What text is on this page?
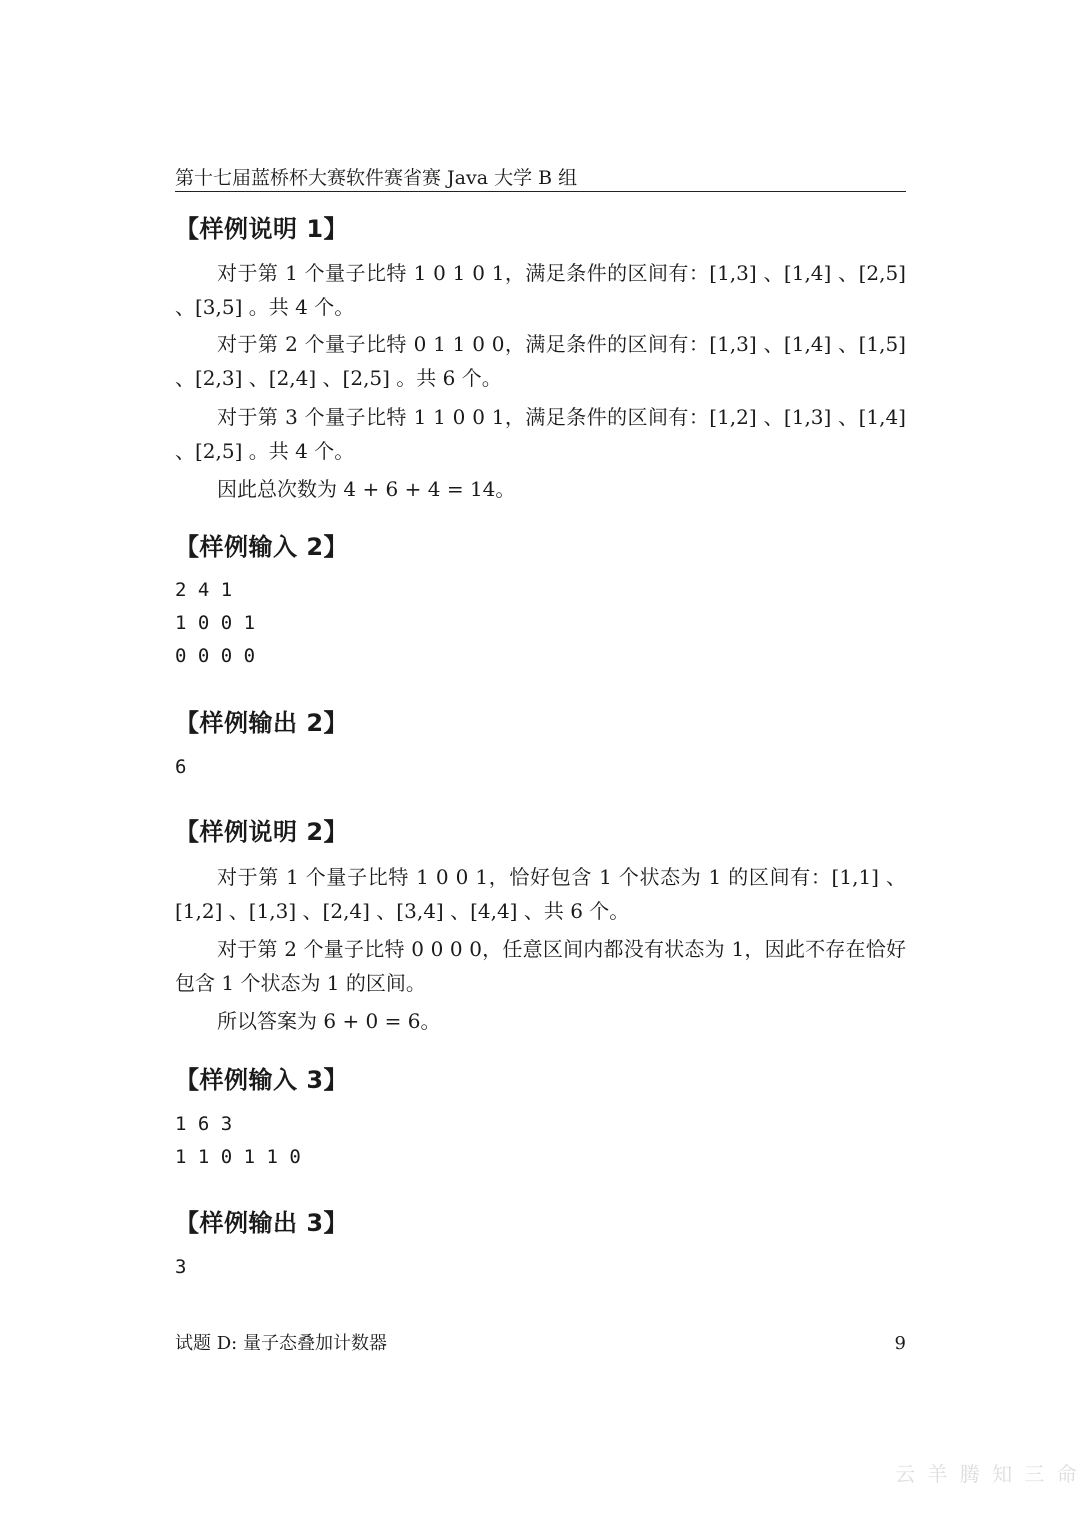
第十七届蓝桥杯大赛软件赛省赛 Java 大学 B 组
【样例说明 1】
对于第 1 个量子比特 1 0 1 0 1，满足条件的区间有：[1,3] 、[1,4] 、[2,5] 、[3,5] 。共 4 个。
对于第 2 个量子比特 0 1 1 0 0，满足条件的区间有：[1,3] 、[1,4] 、[1,5] 、[2,3] 、[2,4] 、[2,5] 。共 6 个。
对于第 3 个量子比特 1 1 0 0 1，满足条件的区间有：[1,2] 、[1,3] 、[1,4] 、[2,5] 。共 4 个。
因此总次数为 4 + 6 + 4 = 14。
【样例输入 2】
2 4 1
1 0 0 1
0 0 0 0
【样例输出 2】
6
【样例说明 2】
对于第 1 个量子比特 1 0 0 1，恰好包含 1 个状态为 1 的区间有：[1,1] 、[1,2] 、[1,3] 、[2,4] 、[3,4] 、[4,4] 、共 6 个。
对于第 2 个量子比特 0 0 0 0，任意区间内都没有状态为 1，因此不存在恰好包含 1 个状态为 1 的区间。
所以答案为 6 + 0 = 6。
【样例输入 3】
1 6 3
1 1 0 1 1 0
【样例输出 3】
3
试题 D: 量子态叠加计数器	9
云 羊 腾 知 三 命
